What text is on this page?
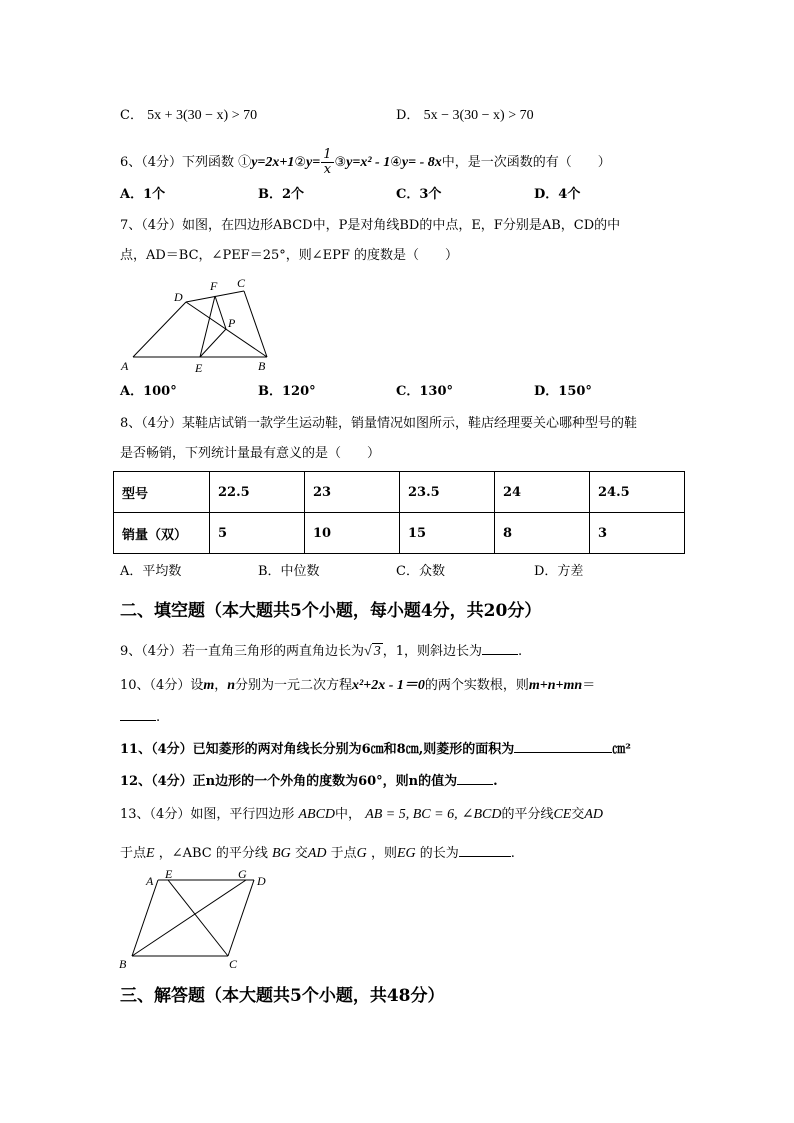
C． 5x + 3(30 − x) > 70	D． 5x − 3(30 − x) > 70
6、（4分）下列函数 ①y=2x+1②y= $\frac{1}{x}$ ③y=x² - 1④y= - 8x中，是一次函数的有（　　）
A．1个	B．2个	C．3个	D．4个
7、（4分）如图，在四边形ABCD中，P是对角线BD的中点，E，F分别是AB，CD的中
点，AD＝BC，∠PEF＝25°，则∠EPF 的度数是（　　）
A	B
C
D
E
F
P
A．100°	B．120°	C．130°	D．150°
8、（4分）某鞋店试销一款学生运动鞋，销量情况如图所示，鞋店经理要关心哪种型号的鞋
是否畅销，下列统计量最有意义的是（　　）
型号	22.5	23	23.5	24	24.5
销量（双）	5	10	15	8	3
A．平均数	B．中位数	C．众数	D．方差
二、填空题（本大题共5个小题，每小题4分，共20分）
9、（4分）若一直角三角形的两直角边长为√ 3 ，1，则斜边长为	.
10、（4分）设m，n分别为一元二次方程x²+2x - 1＝0的两个实数根，则m+n+mn＝
.
11、（4分）已知菱形的两对角线长分别为6㎝和8㎝,则菱形的面积为	㎝²
12、（4分）正n边形的一个外角的度数为60°，则n的值为	.
13、（4分）如图，平行四边形 ABCD中， AB = 5, BC = 6, ∠BCD的平分线CE交AD
于点E ，∠ABC 的平分线 BG 交AD 于点G ，则EG 的长为	.
A E	G D
B	C
三、解答题（本大题共5个小题，共48分）
